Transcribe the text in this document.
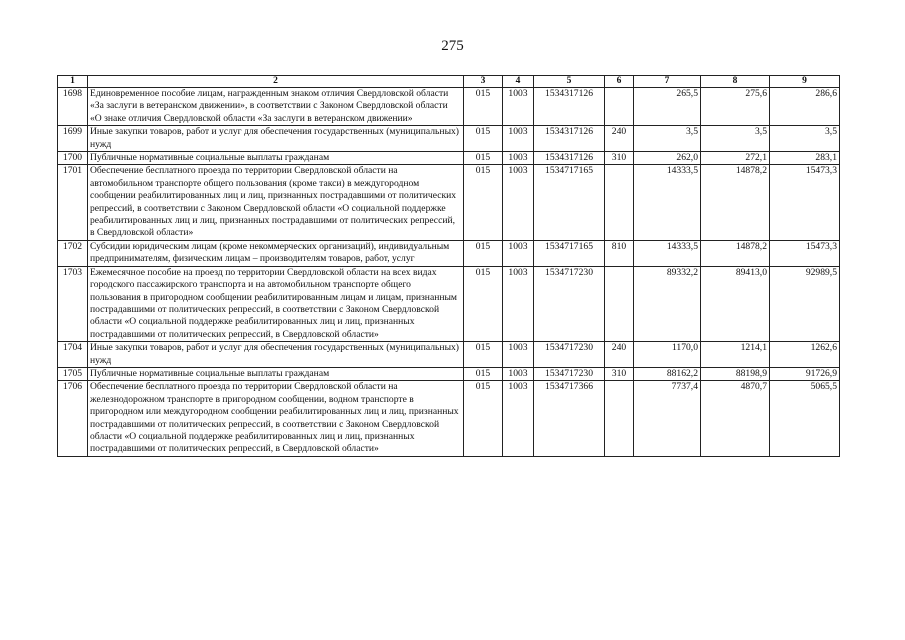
275
1	2	3	4	5	6	7	8	9
1698	Единовременное пособие лицам, награжденным знаком отличия Свердловской области «За заслуги в ветеранском движении», в соответствии с Законом Свердловской области «О знаке отличия Свердловской области «За заслуги в ветеранском движении»	015	1003	1534317126		265,5	275,6	286,6
1699	Иные закупки товаров, работ и услуг для обеспечения государственных (муниципальных) нужд	015	1003	1534317126	240	3,5	3,5	3,5
1700	Публичные нормативные социальные выплаты гражданам	015	1003	1534317126	310	262,0	272,1	283,1
1701	Обеспечение бесплатного проезда по территории Свердловской области на автомобильном транспорте общего пользования (кроме такси) в междугородном сообщении реабилитированных лиц и лиц, признанных пострадавшими от политических репрессий, в соответствии с Законом Свердловской области «О социальной поддержке реабилитированных лиц и лиц, признанных пострадавшими от политических репрессий, в Свердловской области»	015	1003	1534717165		14333,5	14878,2	15473,3
1702	Субсидии юридическим лицам (кроме некоммерческих организаций), индивидуальным предпринимателям, физическим лицам – производителям товаров, работ, услуг	015	1003	1534717165	810	14333,5	14878,2	15473,3
1703	Ежемесячное пособие на проезд по территории Свердловской области на всех видах городского пассажирского транспорта и на автомобильном транспорте общего пользования в пригородном сообщении реабилитированным лицам и лицам, признанным пострадавшими от политических репрессий, в соответствии с Законом Свердловской области «О социальной поддержке реабилитированных лиц и лиц, признанных пострадавшими от политических репрессий, в Свердловской области»	015	1003	1534717230		89332,2	89413,0	92989,5
1704	Иные закупки товаров, работ и услуг для обеспечения государственных (муниципальных) нужд	015	1003	1534717230	240	1170,0	1214,1	1262,6
1705	Публичные нормативные социальные выплаты гражданам	015	1003	1534717230	310	88162,2	88198,9	91726,9
1706	Обеспечение бесплатного проезда по территории Свердловской области на железнодорожном транспорте в пригородном сообщении, водном транспорте в пригородном или междугородном сообщении реабилитированных лиц и лиц, признанных пострадавшими от политических репрессий, в соответствии с Законом Свердловской области «О социальной поддержке реабилитированных лиц и лиц, признанных пострадавшими от политических репрессий, в Свердловской области»	015	1003	1534717366		7737,4	4870,7	5065,5
